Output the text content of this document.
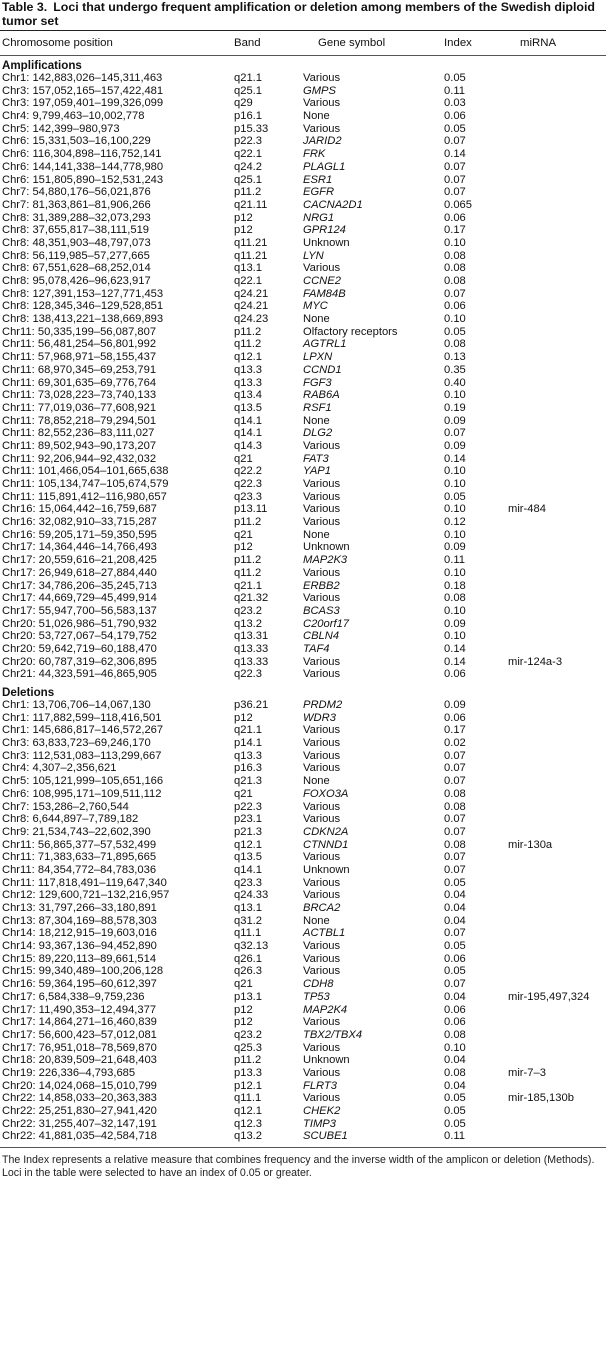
Table 3. Loci that undergo frequent amplification or deletion among members of the Swedish diploid tumor set
Chromosome position	Band	Gene symbol	Index	miRNA
Amplifications
Chr1: 142,883,026–145,311,463	q21.1	Various	0.05
Chr3: 157,052,165–157,422,481	q25.1	GMPS	0.11
Chr3: 197,059,401–199,326,099	q29	Various	0.03
Chr4: 9,799,463–10,002,778	p16.1	None	0.06
Chr5: 142,399–980,973	p15.33	Various	0.05
Chr6: 15,331,503–16,100,229	p22.3	JARID2	0.07
Chr6: 116,304,898–116,752,141	q22.1	FRK	0.14
Chr6: 144,141,338–144,778,980	q24.2	PLAGL1	0.07
Chr6: 151,805,890–152,531,243	q25.1	ESR1	0.07
Chr7: 54,880,176–56,021,876	p11.2	EGFR	0.07
Chr7: 81,363,861–81,906,266	q21.11	CACNA2D1	0.065
Chr8: 31,389,288–32,073,293	p12	NRG1	0.06
Chr8: 37,655,817–38,111,519	p12	GPR124	0.17
Chr8: 48,351,903–48,797,073	q11.21	Unknown	0.10
Chr8: 56,119,985–57,277,665	q11.21	LYN	0.08
Chr8: 67,551,628–68,252,014	q13.1	Various	0.08
Chr8: 95,078,426–96,623,917	q22.1	CCNE2	0.08
Chr8: 127,391,153–127,771,453	q24.21	FAM84B	0.07
Chr8: 128,345,346–129,528,851	q24.21	MYC	0.06
Chr8: 138,413,221–138,669,893	q24.23	None	0.10
Chr11: 50,335,199–56,087,807	p11.2	Olfactory receptors	0.05
Chr11: 56,481,254–56,801,992	q11.2	AGTRL1	0.08
Chr11: 57,968,971–58,155,437	q12.1	LPXN	0.13
Chr11: 68,970,345–69,253,791	q13.3	CCND1	0.35
Chr11: 69,301,635–69,776,764	q13.3	FGF3	0.40
Chr11: 73,028,223–73,740,133	q13.4	RAB6A	0.10
Chr11: 77,019,036–77,608,921	q13.5	RSF1	0.19
Chr11: 78,852,218–79,294,501	q14.1	None	0.09
Chr11: 82,552,236–83,111,027	q14.1	DLG2	0.07
Chr11: 89,502,943–90,173,207	q14.3	Various	0.09
Chr11: 92,206,944–92,432,032	q21	FAT3	0.14
Chr11: 101,466,054–101,665,638	q22.2	YAP1	0.10
Chr11: 105,134,747–105,674,579	q22.3	Various	0.10
Chr11: 115,891,412–116,980,657	q23.3	Various	0.05
Chr16: 15,064,442–16,759,687	p13.11	Various	0.10	mir-484
Chr16: 32,082,910–33,715,287	p11.2	Various	0.12
Chr16: 59,205,171–59,350,595	q21	None	0.10
Chr17: 14,364,446–14,766,493	p12	Unknown	0.09
Chr17: 20,559,616–21,208,425	p11.2	MAP2K3	0.11
Chr17: 26,949,618–27,884,440	q11.2	Various	0.10
Chr17: 34,786,206–35,245,713	q21.1	ERBB2	0.18
Chr17: 44,669,729–45,499,914	q21.32	Various	0.08
Chr17: 55,947,700–56,583,137	q23.2	BCAS3	0.10
Chr20: 51,026,986–51,790,932	q13.2	C20orf17	0.09
Chr20: 53,727,067–54,179,752	q13.31	CBLN4	0.10
Chr20: 59,642,719–60,188,470	q13.33	TAF4	0.14
Chr20: 60,787,319–62,306,895	q13.33	Various	0.14	mir-124a-3
Chr21: 44,323,591–46,865,905	q22.3	Various	0.06
Deletions
Chr1: 13,706,706–14,067,130	p36.21	PRDM2	0.09
Chr1: 117,882,599–118,416,501	p12	WDR3	0.06
Chr1: 145,686,817–146,572,267	q21.1	Various	0.17
Chr3: 63,833,723–69,246,170	p14.1	Various	0.02
Chr3: 112,531,083–113,299,667	q13.3	Various	0.07
Chr4: 4,307–2,356,621	p16.3	Various	0.07
Chr5: 105,121,999–105,651,166	q21.3	None	0.07
Chr6: 108,995,171–109,511,112	q21	FOXO3A	0.08
Chr7: 153,286–2,760,544	p22.3	Various	0.08
Chr8: 6,644,897–7,789,182	p23.1	Various	0.07
Chr9: 21,534,743–22,602,390	p21.3	CDKN2A	0.07
Chr11: 56,865,377–57,532,499	q12.1	CTNND1	0.08	mir-130a
Chr11: 71,383,633–71,895,665	q13.5	Various	0.07
Chr11: 84,354,772–84,783,036	q14.1	Unknown	0.07
Chr11: 117,818,491–119,647,340	q23.3	Various	0.05
Chr12: 129,600,721–132,216,957	q24.33	Various	0.04
Chr13: 31,797,266–33,180,891	q13.1	BRCA2	0.04
Chr13: 87,304,169–88,578,303	q31.2	None	0.04
Chr14: 18,212,915–19,603,016	q11.1	ACTBL1	0.07
Chr14: 93,367,136–94,452,890	q32.13	Various	0.05
Chr15: 89,220,113–89,661,514	q26.1	Various	0.06
Chr15: 99,340,489–100,206,128	q26.3	Various	0.05
Chr16: 59,364,195–60,612,397	q21	CDH8	0.07
Chr17: 6,584,338–9,759,236	p13.1	TP53	0.04	mir-195,497,324
Chr17: 11,490,353–12,494,377	p12	MAP2K4	0.06
Chr17: 14,864,271–16,460,839	p12	Various	0.06
Chr17: 56,600,423–57,012,081	q23.2	TBX2/TBX4	0.08
Chr17: 76,951,018–78,569,870	q25.3	Various	0.10
Chr18: 20,839,509–21,648,403	p11.2	Unknown	0.04
Chr19: 226,336–4,793,685	p13.3	Various	0.08	mir-7–3
Chr20: 14,024,068–15,010,799	p12.1	FLRT3	0.04
Chr22: 14,858,033–20,363,383	q11.1	Various	0.05	mir-185,130b
Chr22: 25,251,830–27,941,420	q12.1	CHEK2	0.05
Chr22: 31,255,407–32,147,191	q12.3	TIMP3	0.05
Chr22: 41,881,035–42,584,718	q13.2	SCUBE1	0.11
The Index represents a relative measure that combines frequency and the inverse width of the amplicon or deletion (Methods). Loci in the table were selected to have an index of 0.05 or greater.
